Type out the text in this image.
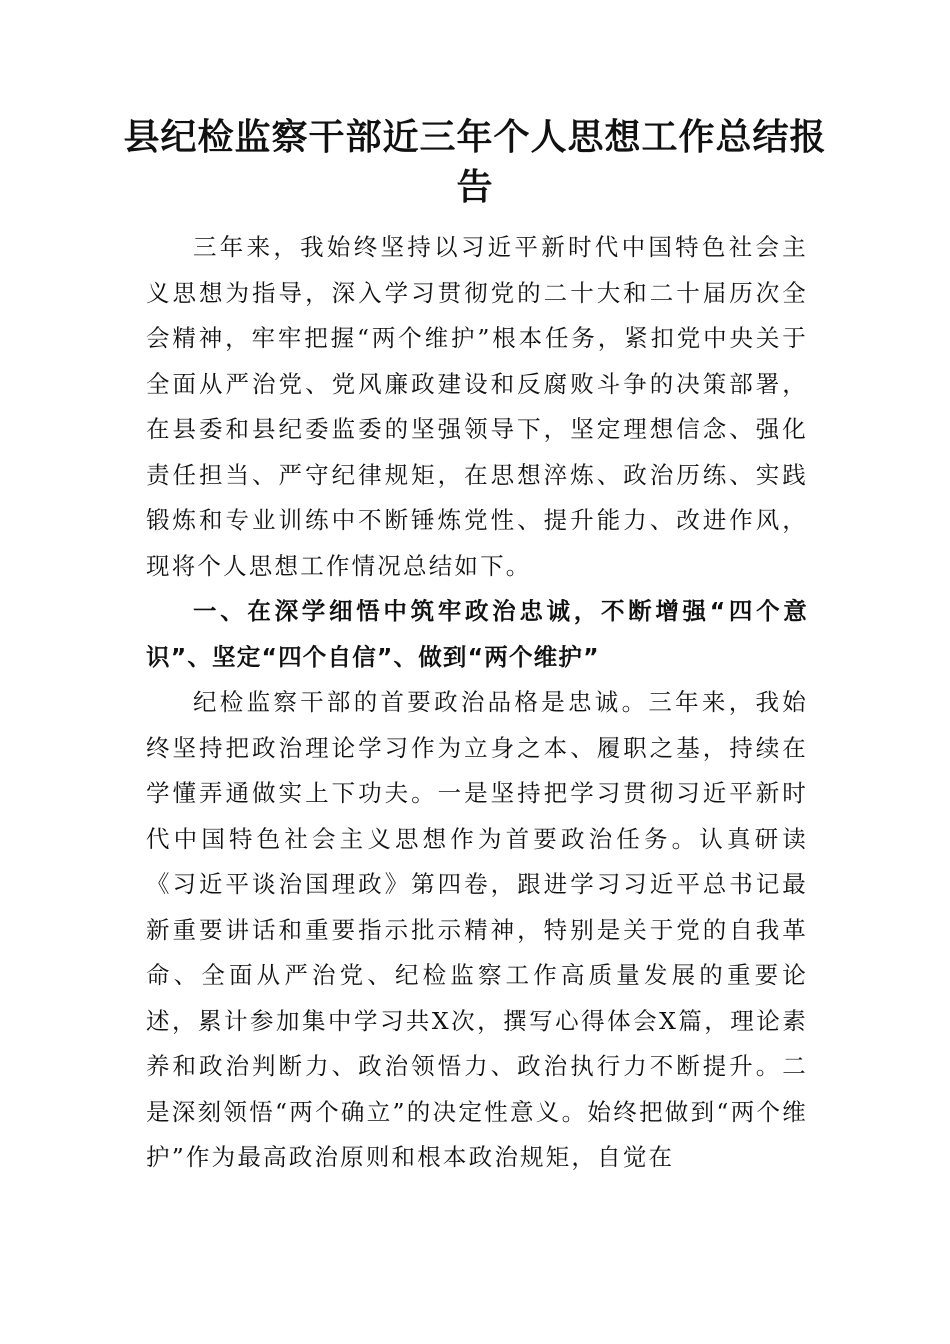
县纪检监察干部近三年个人思想工作总结报告

三年来，我始终坚持以习近平新时代中国特色社会主义思想为指导，深入学习贯彻党的二十大和二十届历次全会精神，牢牢把握“两个维护”根本任务，紧扣党中央关于全面从严治党、党风廉政建设和反腐败斗争的决策部署，在县委和县纪委监委的坚强领导下，坚定理想信念、强化责任担当、严守纪律规矩，在思想淬炼、政治历练、实践锻炼和专业训练中不断锤炼党性、提升能力、改进作风，现将个人思想工作情况总结如下。

一、在深学细悟中筑牢政治忠诚，不断增强“四个意识”、坚定“四个自信”、做到“两个维护”

纪检监察干部的首要政治品格是忠诚。三年来，我始终坚持把政治理论学习作为立身之本、履职之基，持续在学懂弄通做实上下功夫。一是坚持把学习贯彻习近平新时代中国特色社会主义思想作为首要政治任务。认真研读《习近平谈治国理政》第四卷，跟进学习习近平总书记最新重要讲话和重要指示批示精神，特别是关于党的自我革命、全面从严治党、纪检监察工作高质量发展的重要论述，累计参加集中学习共X次，撰写心得体会X篇，理论素养和政治判断力、政治领悟力、政治执行力不断提升。二是深刻领悟“两个确立”的决定性意义。始终把做到“两个维护”作为最高政治原则和根本政治规矩，自觉在
